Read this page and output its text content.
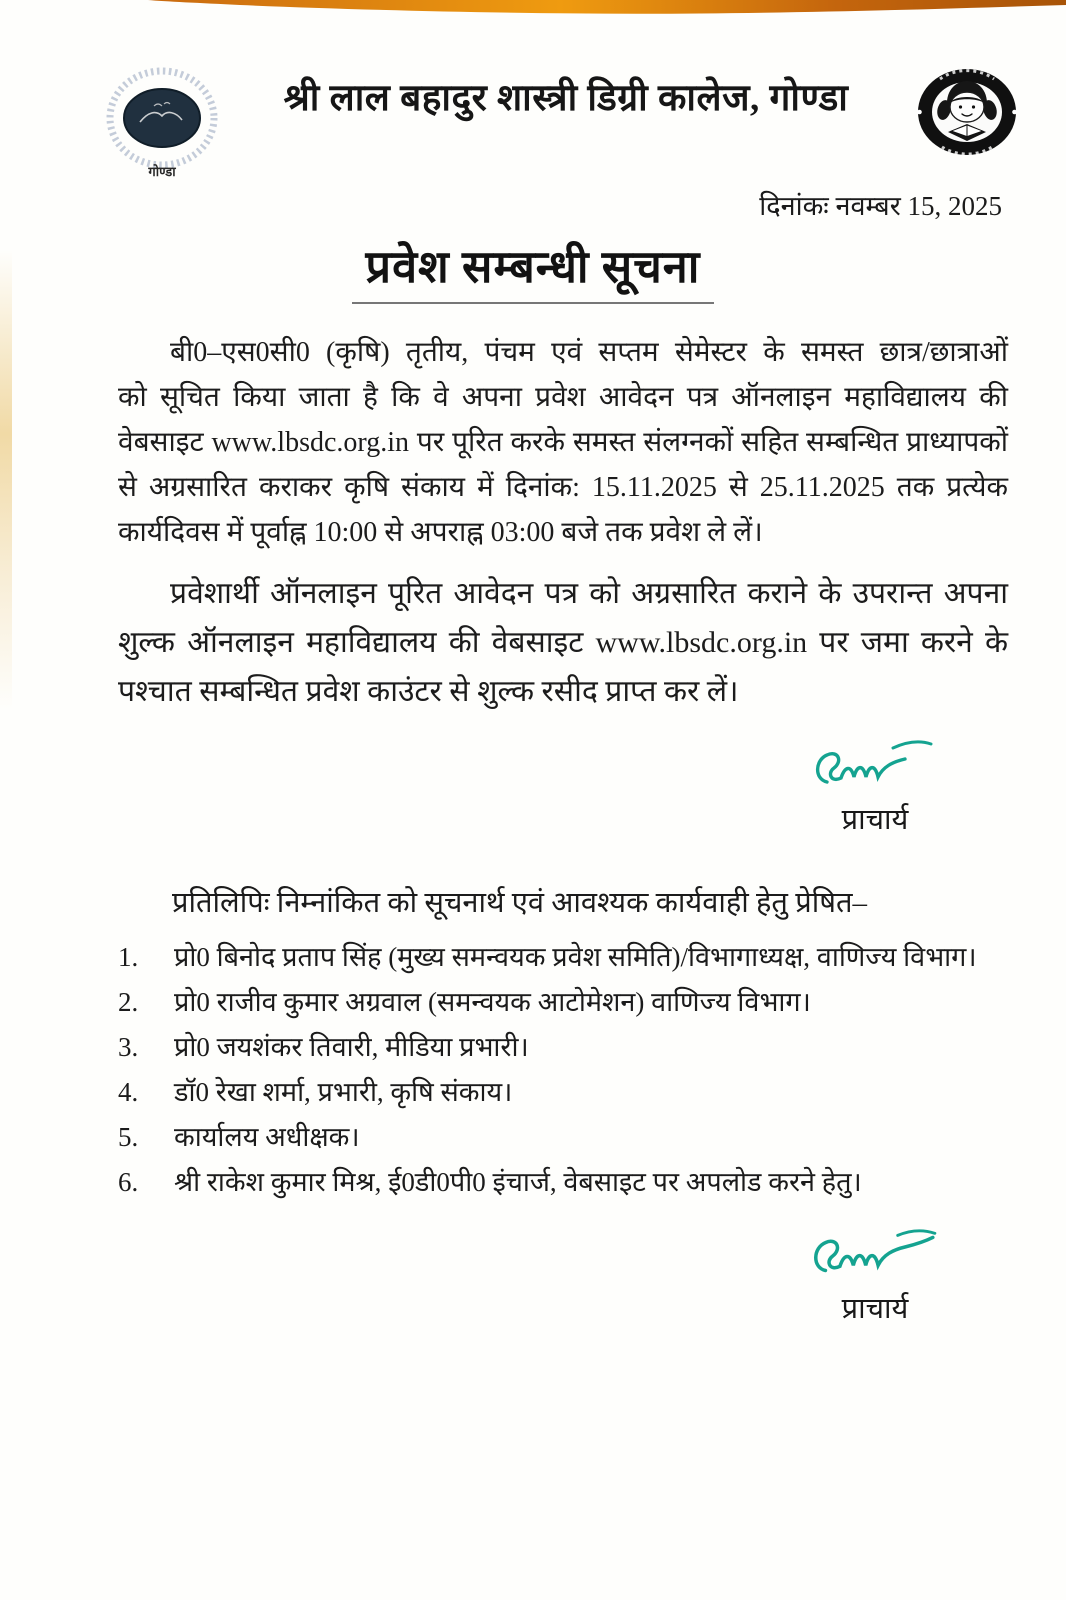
गोण्डा
श्री लाल बहादुर शास्त्री डिग्री कालेज, गोण्डा
दिनांकः नवम्बर 15, 2025
प्रवेश सम्बन्धी सूचना
बी0–एस0सी0 (कृषि) तृतीय, पंचम एवं सप्तम सेमेस्टर के समस्त छात्र/छात्राओं
को सूचित किया जाता है कि वे अपना प्रवेश आवेदन पत्र ऑनलाइन महाविद्यालय की
वेबसाइट www.lbsdc.org.in पर पूरित करके समस्त संलग्नकों सहित सम्बन्धित प्राध्यापकों
से अग्रसारित कराकर कृषि संकाय में दिनांक: 15.11.2025 से 25.11.2025 तक प्रत्येक
कार्यदिवस में पूर्वाह्न 10:00 से अपराह्न 03:00 बजे तक प्रवेश ले लें।
प्रवेशार्थी ऑनलाइन पूरित आवेदन पत्र को अग्रसारित कराने के उपरान्त अपना
शुल्क ऑनलाइन महाविद्यालय की वेबसाइट www.lbsdc.org.in पर जमा करने के
पश्चात सम्बन्धित प्रवेश काउंटर से शुल्क रसीद प्राप्त कर लें।
प्राचार्य
प्रतिलिपिः निम्नांकित को सूचनार्थ एवं आवश्यक कार्यवाही हेतु प्रेषित–
1.	प्रो0 बिनोद प्रताप सिंह (मुख्य समन्वयक प्रवेश समिति)/विभागाध्यक्ष, वाणिज्य विभाग।
2.	प्रो0 राजीव कुमार अग्रवाल (समन्वयक आटोमेशन) वाणिज्य विभाग।
3.	प्रो0 जयशंकर तिवारी, मीडिया प्रभारी।
4.	डॉ0 रेखा शर्मा, प्रभारी, कृषि संकाय।
5.	कार्यालय अधीक्षक।
6.	श्री राकेश कुमार मिश्र, ई0डी0पी0 इंचार्ज, वेबसाइट पर अपलोड करने हेतु।
प्राचार्य
